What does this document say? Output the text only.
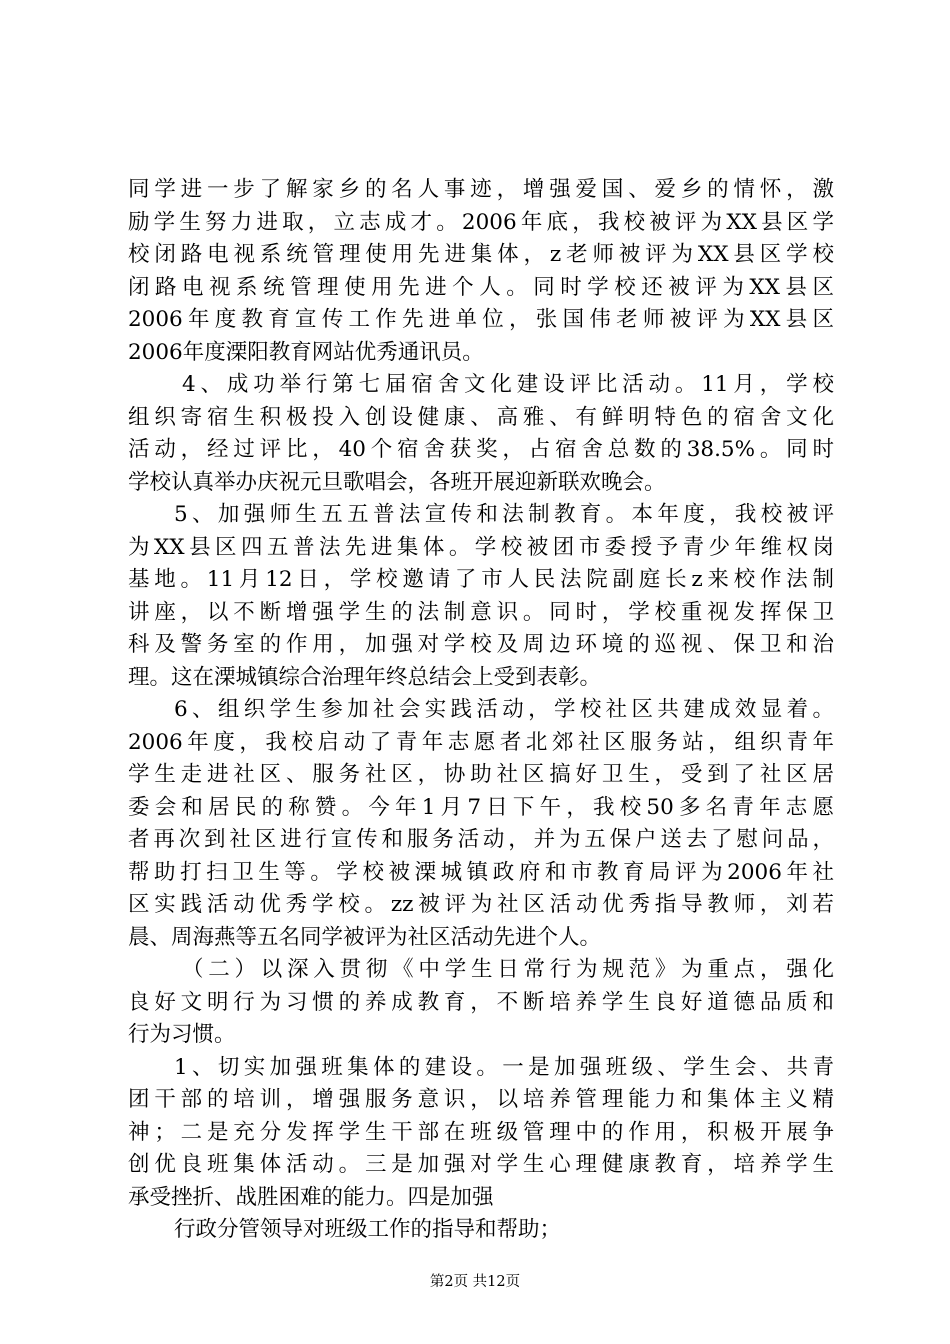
同学进一步了解家乡的名人事迹，增强爱国、爱乡的情怀，激
励学生努力进取，立志成才。2006年底，我校被评为XX县区学
校闭路电视系统管理使用先进集体，z老师被评为XX县区学校
闭路电视系统管理使用先进个人。同时学校还被评为XX县区
2006年度教育宣传工作先进单位，张国伟老师被评为XX县区
2006年度溧阳教育网站优秀通讯员。
4、成功举行第七届宿舍文化建设评比活动。11月，学校
组织寄宿生积极投入创设健康、高雅、有鲜明特色的宿舍文化
活动，经过评比，40个宿舍获奖，占宿舍总数的38.5%。同时
学校认真举办庆祝元旦歌唱会，各班开展迎新联欢晚会。
5、加强师生五五普法宣传和法制教育。本年度，我校被评
为XX县区四五普法先进集体。学校被团市委授予青少年维权岗
基地。11月12日，学校邀请了市人民法院副庭长z来校作法制
讲座，以不断增强学生的法制意识。同时，学校重视发挥保卫
科及警务室的作用，加强对学校及周边环境的巡视、保卫和治
理。这在溧城镇综合治理年终总结会上受到表彰。
6、组织学生参加社会实践活动，学校社区共建成效显着。
2006年度，我校启动了青年志愿者北郊社区服务站，组织青年
学生走进社区、服务社区，协助社区搞好卫生，受到了社区居
委会和居民的称赞。今年1月7日下午，我校50多名青年志愿
者再次到社区进行宣传和服务活动，并为五保户送去了慰问品，
帮助打扫卫生等。学校被溧城镇政府和市教育局评为2006年社
区实践活动优秀学校。zz被评为社区活动优秀指导教师，刘若
晨、周海燕等五名同学被评为社区活动先进个人。
（二）以深入贯彻《中学生日常行为规范》为重点，强化
良好文明行为习惯的养成教育，不断培养学生良好道德品质和
行为习惯。
1、切实加强班集体的建设。一是加强班级、学生会、共青
团干部的培训，增强服务意识，以培养管理能力和集体主义精
神；二是充分发挥学生干部在班级管理中的作用，积极开展争
创优良班集体活动。三是加强对学生心理健康教育，培养学生
承受挫折、战胜困难的能力。四是加强
行政分管领导对班级工作的指导和帮助；
第2页 共12页
